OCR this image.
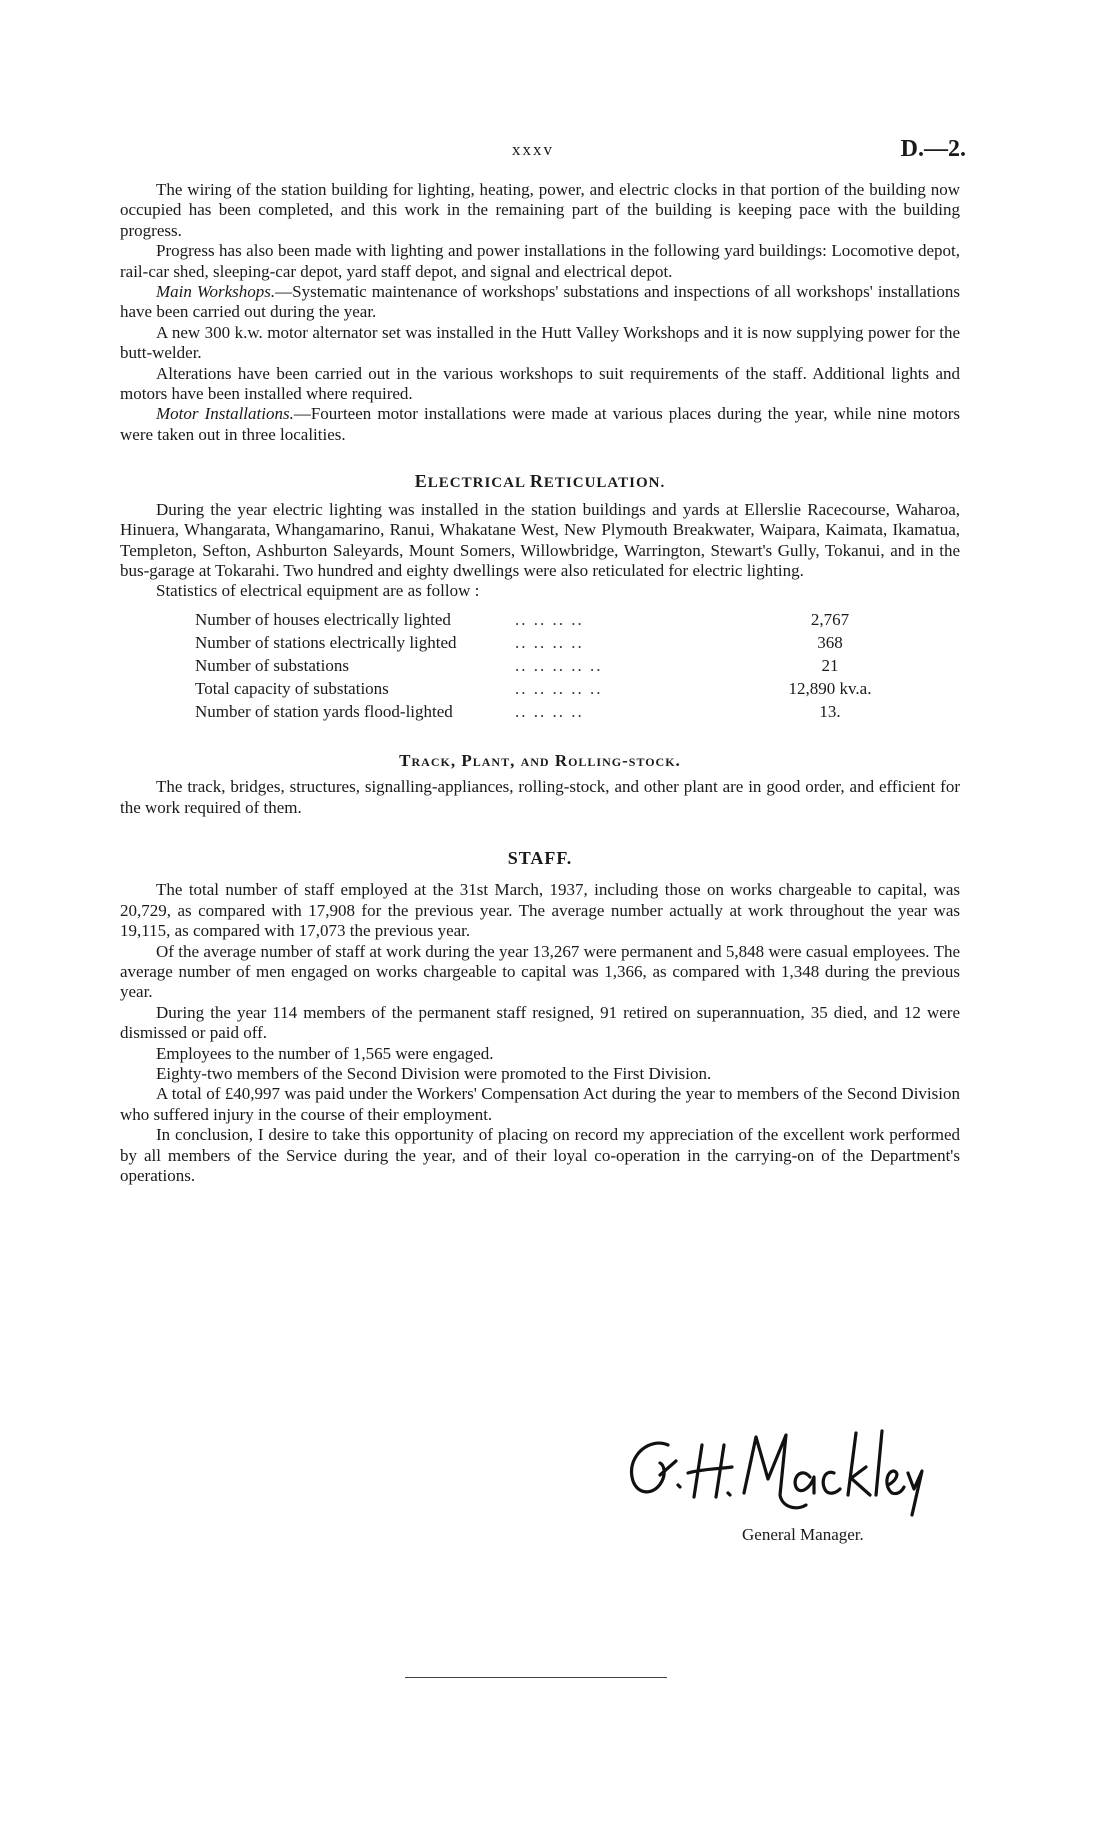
xxxv	D.—2.

The wiring of the station building for lighting, heating, power, and electric clocks in that portion of the building now occupied has been completed, and this work in the remaining part of the building is keeping pace with the building progress.

Progress has also been made with lighting and power installations in the following yard buildings: Locomotive depot, rail-car shed, sleeping-car depot, yard staff depot, and signal and electrical depot.

Main Workshops.—Systematic maintenance of workshops' substations and inspections of all workshops' installations have been carried out during the year.

A new 300 k.w. motor alternator set was installed in the Hutt Valley Workshops and it is now supplying power for the butt-welder.

Alterations have been carried out in the various workshops to suit requirements of the staff. Additional lights and motors have been installed where required.

Motor Installations.—Fourteen motor installations were made at various places during the year, while nine motors were taken out in three localities.

ELECTRICAL RETICULATION.

During the year electric lighting was installed in the station buildings and yards at Ellerslie Racecourse, Waharoa, Hinuera, Whangarata, Whangamarino, Ranui, Whakatane West, New Plymouth Breakwater, Waipara, Kaimata, Ikamatua, Templeton, Sefton, Ashburton Saleyards, Mount Somers, Willowbridge, Warrington, Stewart's Gully, Tokanui, and in the bus-garage at Tokarahi. Two hundred and eighty dwellings were also reticulated for electric lighting.

Statistics of electrical equipment are as follow :

Number of houses electrically lighted	.. .. .. ..	2,767
Number of stations electrically lighted	.. .. .. ..	368
Number of substations	.. .. .. .. ..	21
Total capacity of substations	.. .. .. .. ..	12,890 kv.a.
Number of station yards flood-lighted	.. .. .. ..	13.
Track, Plant, and Rolling-stock.

The track, bridges, structures, signalling-appliances, rolling-stock, and other plant are in good order, and efficient for the work required of them.

STAFF.

The total number of staff employed at the 31st March, 1937, including those on works chargeable to capital, was 20,729, as compared with 17,908 for the previous year. The average number actually at work throughout the year was 19,115, as compared with 17,073 the previous year.

Of the average number of staff at work during the year 13,267 were permanent and 5,848 were casual employees. The average number of men engaged on works chargeable to capital was 1,366, as compared with 1,348 during the previous year.

During the year 114 members of the permanent staff resigned, 91 retired on superannuation, 35 died, and 12 were dismissed or paid off.

Employees to the number of 1,565 were engaged.

Eighty-two members of the Second Division were promoted to the First Division.

A total of £40,997 was paid under the Workers' Compensation Act during the year to members of the Second Division who suffered injury in the course of their employment.

In conclusion, I desire to take this opportunity of placing on record my appreciation of the excellent work performed by all members of the Service during the year, and of their loyal co-operation in the carrying-on of the Department's operations.

General Manager.
